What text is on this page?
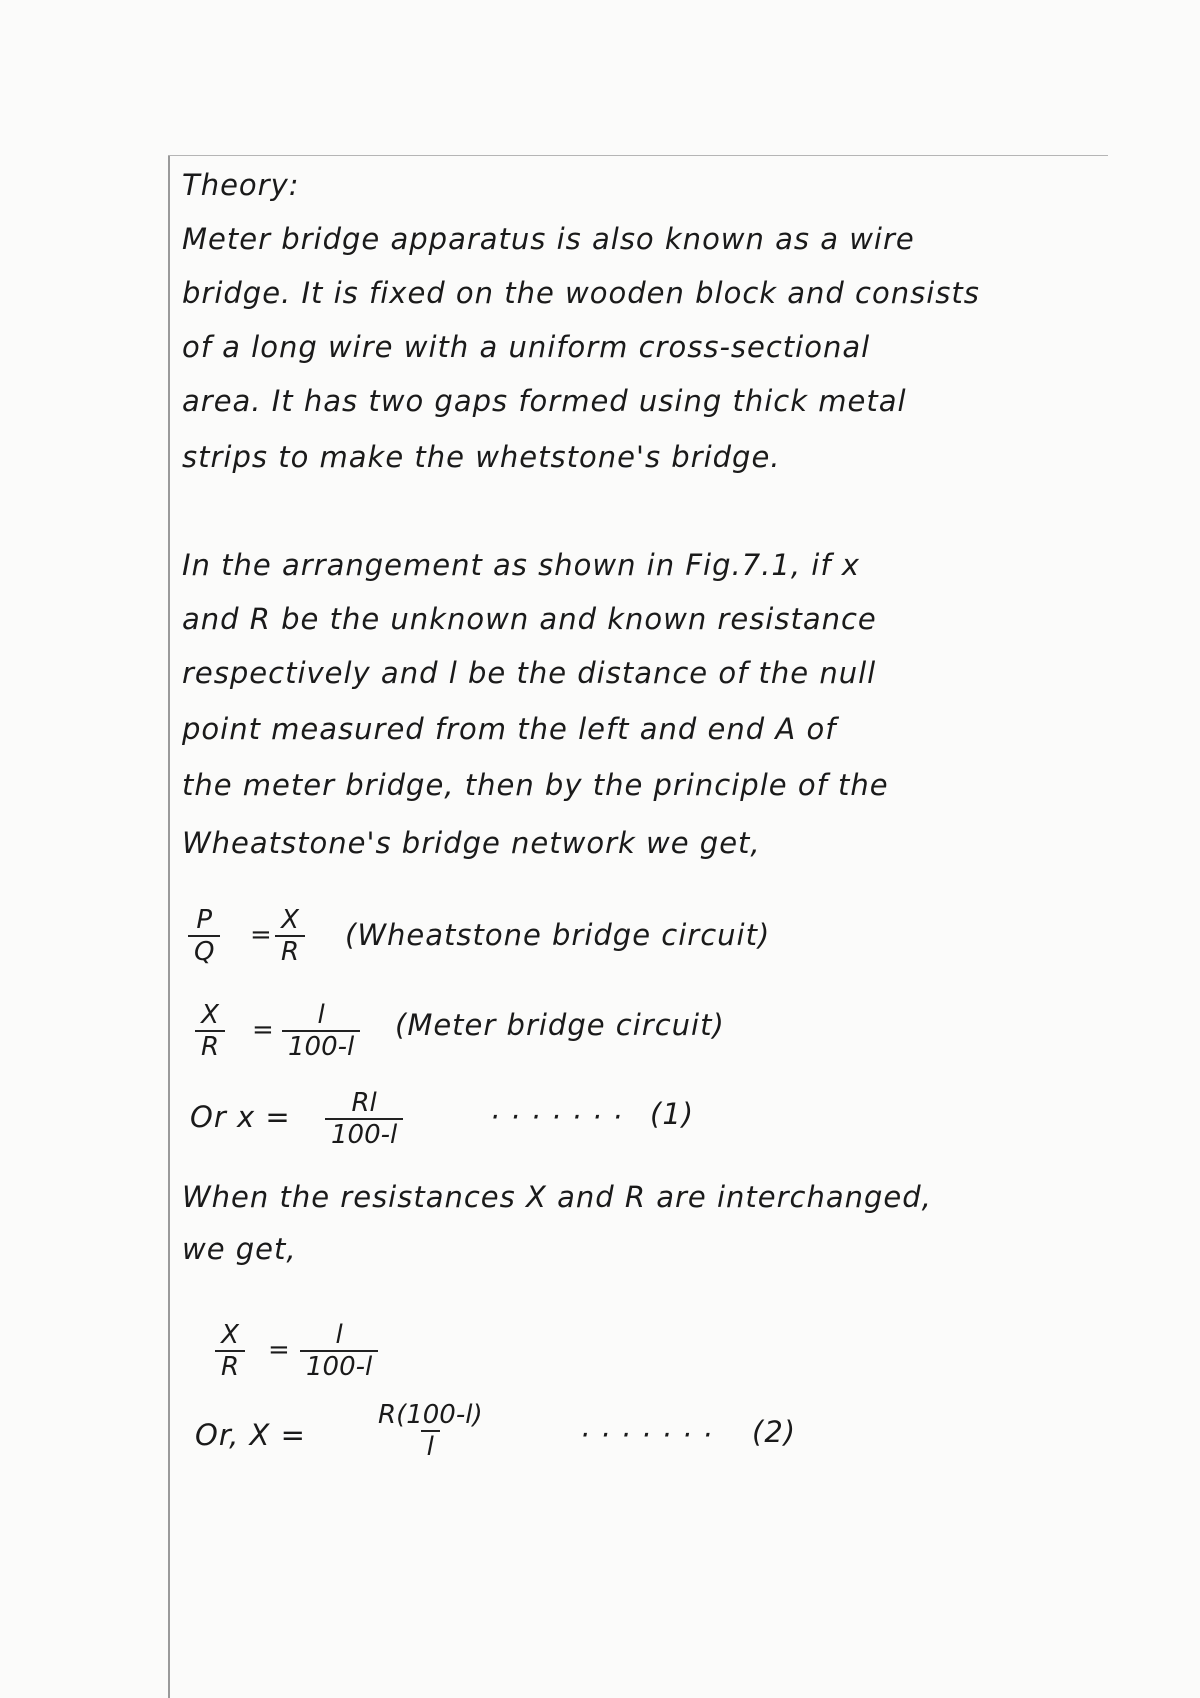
Theory:
Meter bridge apparatus is also known as a wire
bridge. It is fixed on the wooden block and consists
of a long wire with a uniform cross-sectional
area. It has two gaps formed using thick metal
strips to make the whetstone's bridge.
In the arrangement as shown in Fig.7.1, if x
and R be the unknown and known resistance
respectively and l be the distance of the null
point measured from the left and end A of
the meter bridge, then by the principle of the
Wheatstone's bridge network we get,
$\frac{P}{Q} = \frac{X}{R}$ (Wheatstone bridge circuit)
$\frac{X}{R} = \frac{l}{100-l}$ (Meter bridge circuit)
Or $x = \frac{Rl}{100-l}$	· · · · · · · (1)
When the resistances X and R are interchanged,
we get,
$\frac{X}{R} = \frac{l}{100-l}$
Or, X =	$\frac{R(100-l)}{l}$	· · · · · · · (2)
